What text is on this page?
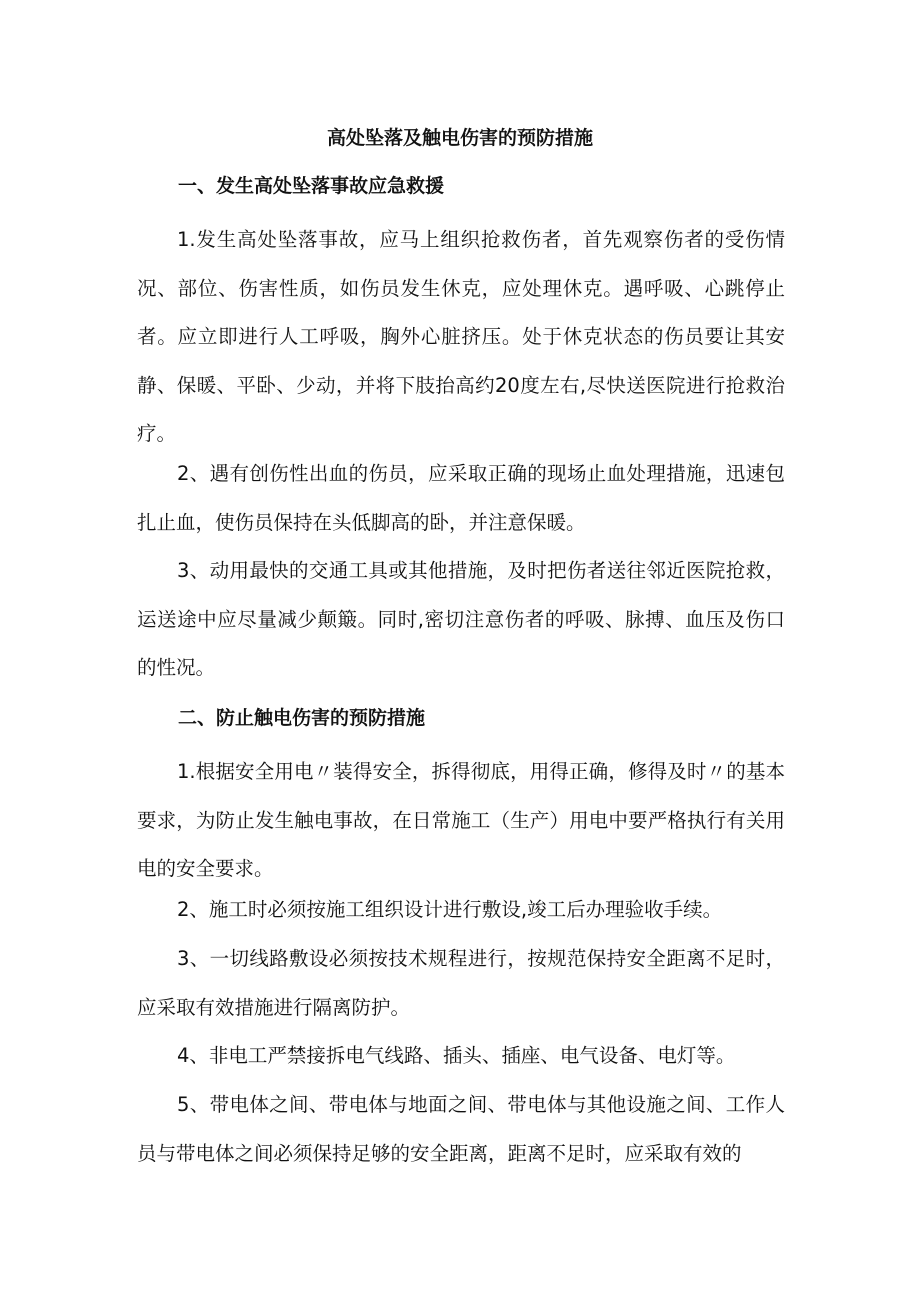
高处坠落及触电伤害的预防措施
一、发生高处坠落事故应急救援

1.发生高处坠落事故，应马上组织抢救伤者，首先观察伤者的受伤情况、部位、伤害性质，如伤员发生休克，应处理休克。遇呼吸、心跳停止者。应立即进行人工呼吸，胸外心脏挤压。处于休克状态的伤员要让其安静、保暖、平卧、少动，并将下肢抬高约20度左右,尽快送医院进行抢救治疗。

2、遇有创伤性出血的伤员，应采取正确的现场止血处理措施，迅速包扎止血，使伤员保持在头低脚高的卧，并注意保暖。

3、动用最快的交通工具或其他措施，及时把伤者送往邻近医院抢救，运送途中应尽量减少颠簸。同时,密切注意伤者的呼吸、脉搏、血压及伤口的性况。

二、防止触电伤害的预防措施

1.根据安全用电〃装得安全，拆得彻底，用得正确，修得及时〃的基本要求，为防止发生触电事故，在日常施工（生产）用电中要严格执行有关用电的安全要求。

2、施工时必须按施工组织设计进行敷设,竣工后办理验收手续。

3、一切线路敷设必须按技术规程进行，按规范保持安全距离不足时，应采取有效措施进行隔离防护。

4、非电工严禁接拆电气线路、插头、插座、电气设备、电灯等。

5、带电体之间、带电体与地面之间、带电体与其他设施之间、工作人员与带电体之间必须保持足够的安全距离，距离不足时，应采取有效的
